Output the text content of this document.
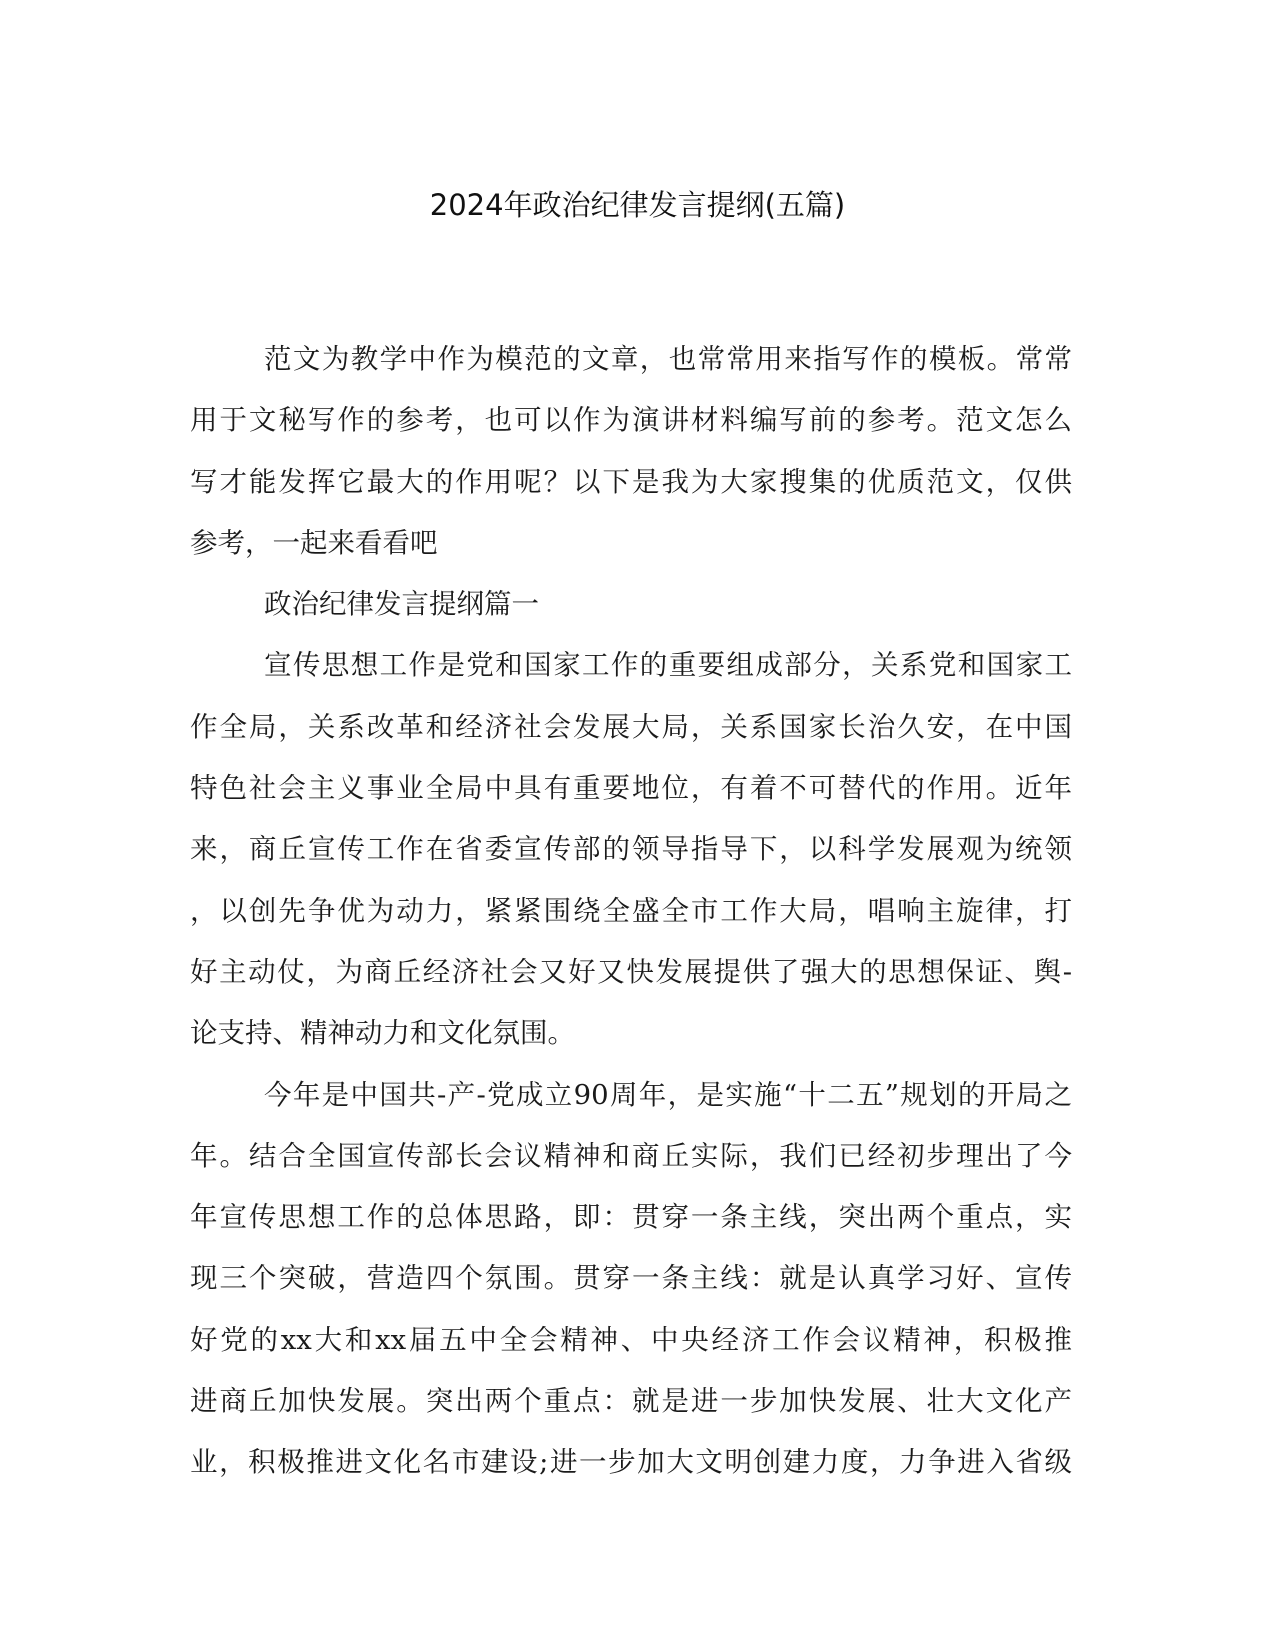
2024年政治纪律发言提纲(五篇)
范文为教学中作为模范的文章，也常常用来指写作的模板。常常
用于文秘写作的参考，也可以作为演讲材料编写前的参考。范文怎么
写才能发挥它最大的作用呢？以下是我为大家搜集的优质范文，仅供
参考，一起来看看吧
政治纪律发言提纲篇一
宣传思想工作是党和国家工作的重要组成部分，关系党和国家工
作全局，关系改革和经济社会发展大局，关系国家长治久安，在中国
特色社会主义事业全局中具有重要地位，有着不可替代的作用。近年
来，商丘宣传工作在省委宣传部的领导指导下，以科学发展观为统领
，以创先争优为动力，紧紧围绕全盛全市工作大局，唱响主旋律，打
好主动仗，为商丘经济社会又好又快发展提供了强大的思想保证、舆-
论支持、精神动力和文化氛围。
今年是中国共-产-党成立90周年，是实施“十二五”规划的开局之
年。结合全国宣传部长会议精神和商丘实际，我们已经初步理出了今
年宣传思想工作的总体思路，即：贯穿一条主线，突出两个重点，实
现三个突破，营造四个氛围。贯穿一条主线：就是认真学习好、宣传
好党的xx大和xx届五中全会精神、中央经济工作会议精神，积极推
进商丘加快发展。突出两个重点：就是进一步加快发展、壮大文化产
业，积极推进文化名市建设;进一步加大文明创建力度，力争进入省级
